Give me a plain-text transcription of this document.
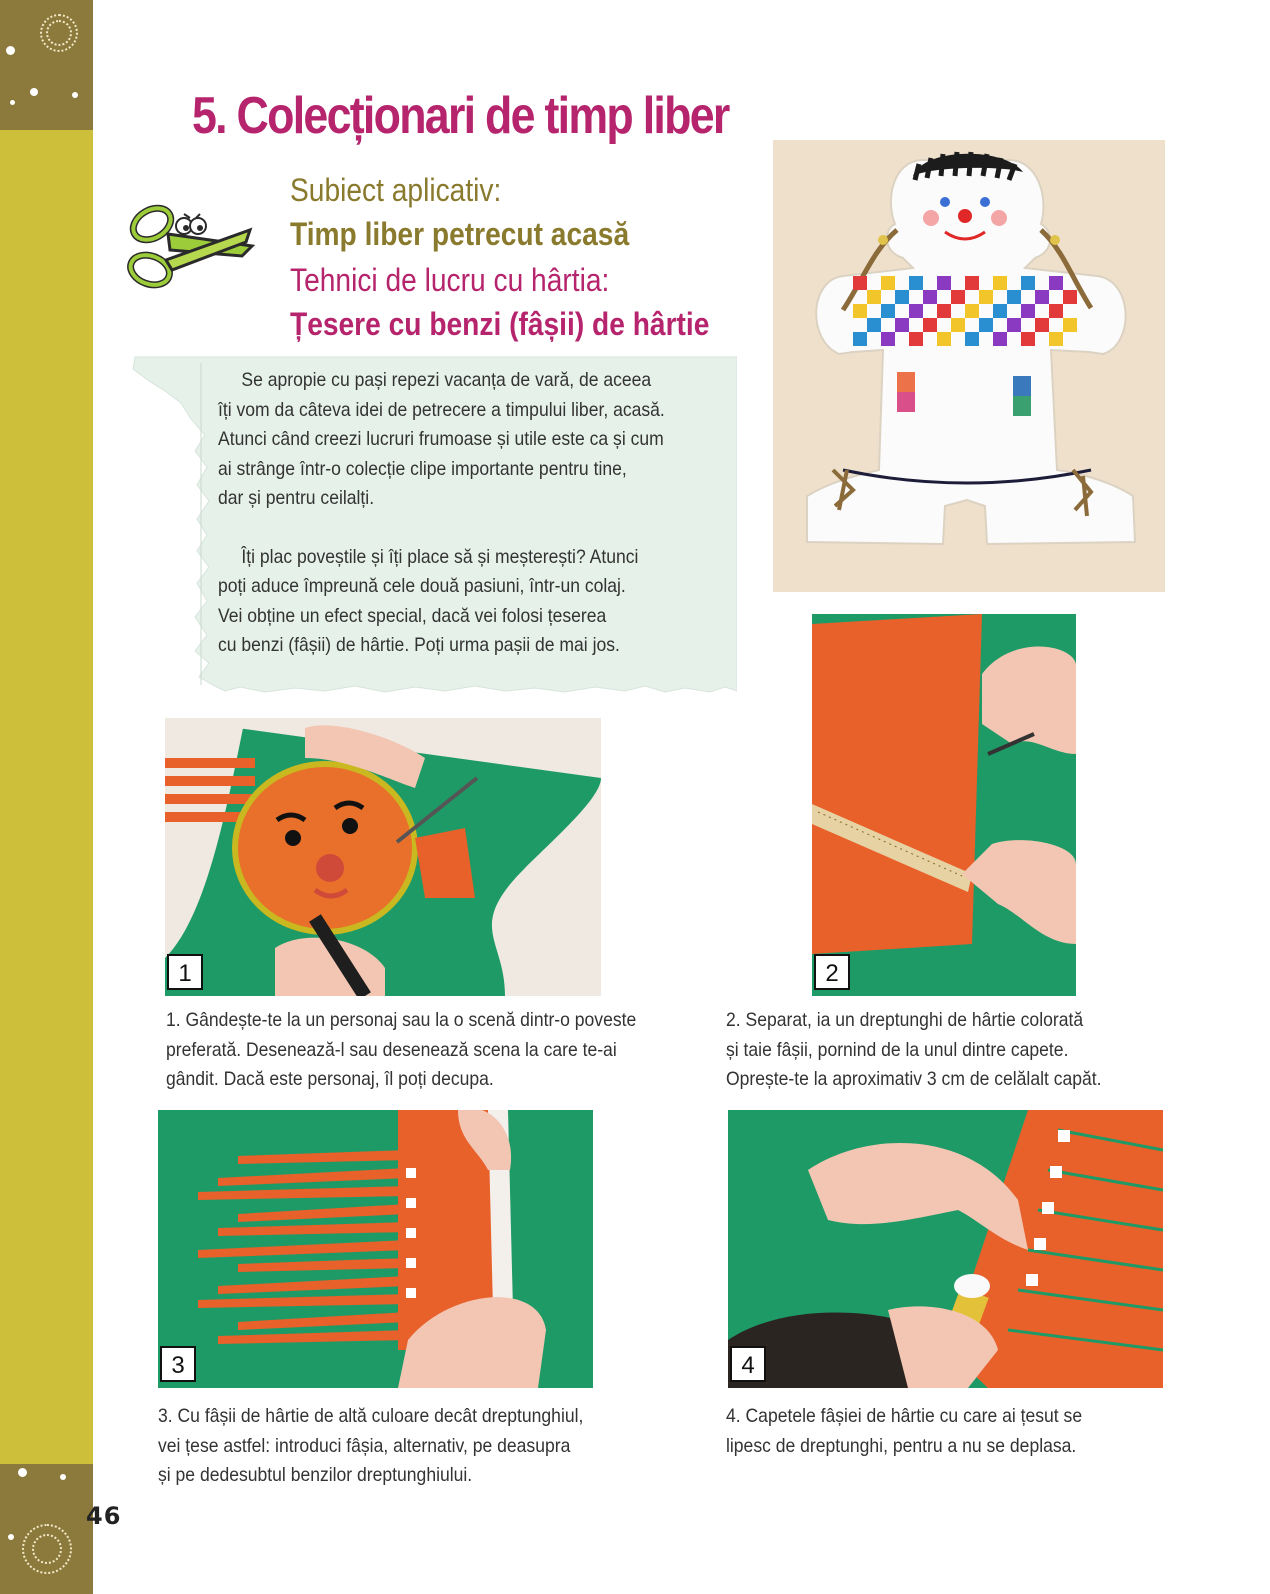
46
5. Colecționari de timp liber
Subiect aplicativ:
Timp liber petrecut acasă
Tehnici de lucru cu hârtia:
Țesere cu benzi (fâșii) de hârtie

Se apropie cu pași repezi vacanța de vară, de aceea
îți vom da câteva idei de petrecere a timpului liber, acasă.
Atunci când creezi lucruri frumoase și utile este ca și cum
ai strânge într-o colecție clipe importante pentru tine,
dar și pentru ceilalți.

Îți plac poveștile și îți place să și meșterești? Atunci
poți aduce împreună cele două pasiuni, într-un colaj.
Vei obține un efect special, dacă vei folosi țeserea
cu benzi (fâșii) de hârtie. Poți urma pașii de mai jos.

1	2
1. Gândește-te la un personaj sau la o scenă dintr-o poveste
preferată. Desenează-l sau desenează scena la care te-ai
gândit. Dacă este personaj, îl poți decupa.
2. Separat, ia un dreptunghi de hârtie colorată
și taie fâșii, pornind de la unul dintre capete.
Oprește-te la aproximativ 3 cm de celălalt capăt.
3	4
3. Cu fâșii de hârtie de altă culoare decât dreptunghiul,
vei țese astfel: introduci fâșia, alternativ, pe deasupra
și pe dedesubtul benzilor dreptunghiului.
4. Capetele fâșiei de hârtie cu care ai țesut se
lipesc de dreptunghi, pentru a nu se deplasa.
